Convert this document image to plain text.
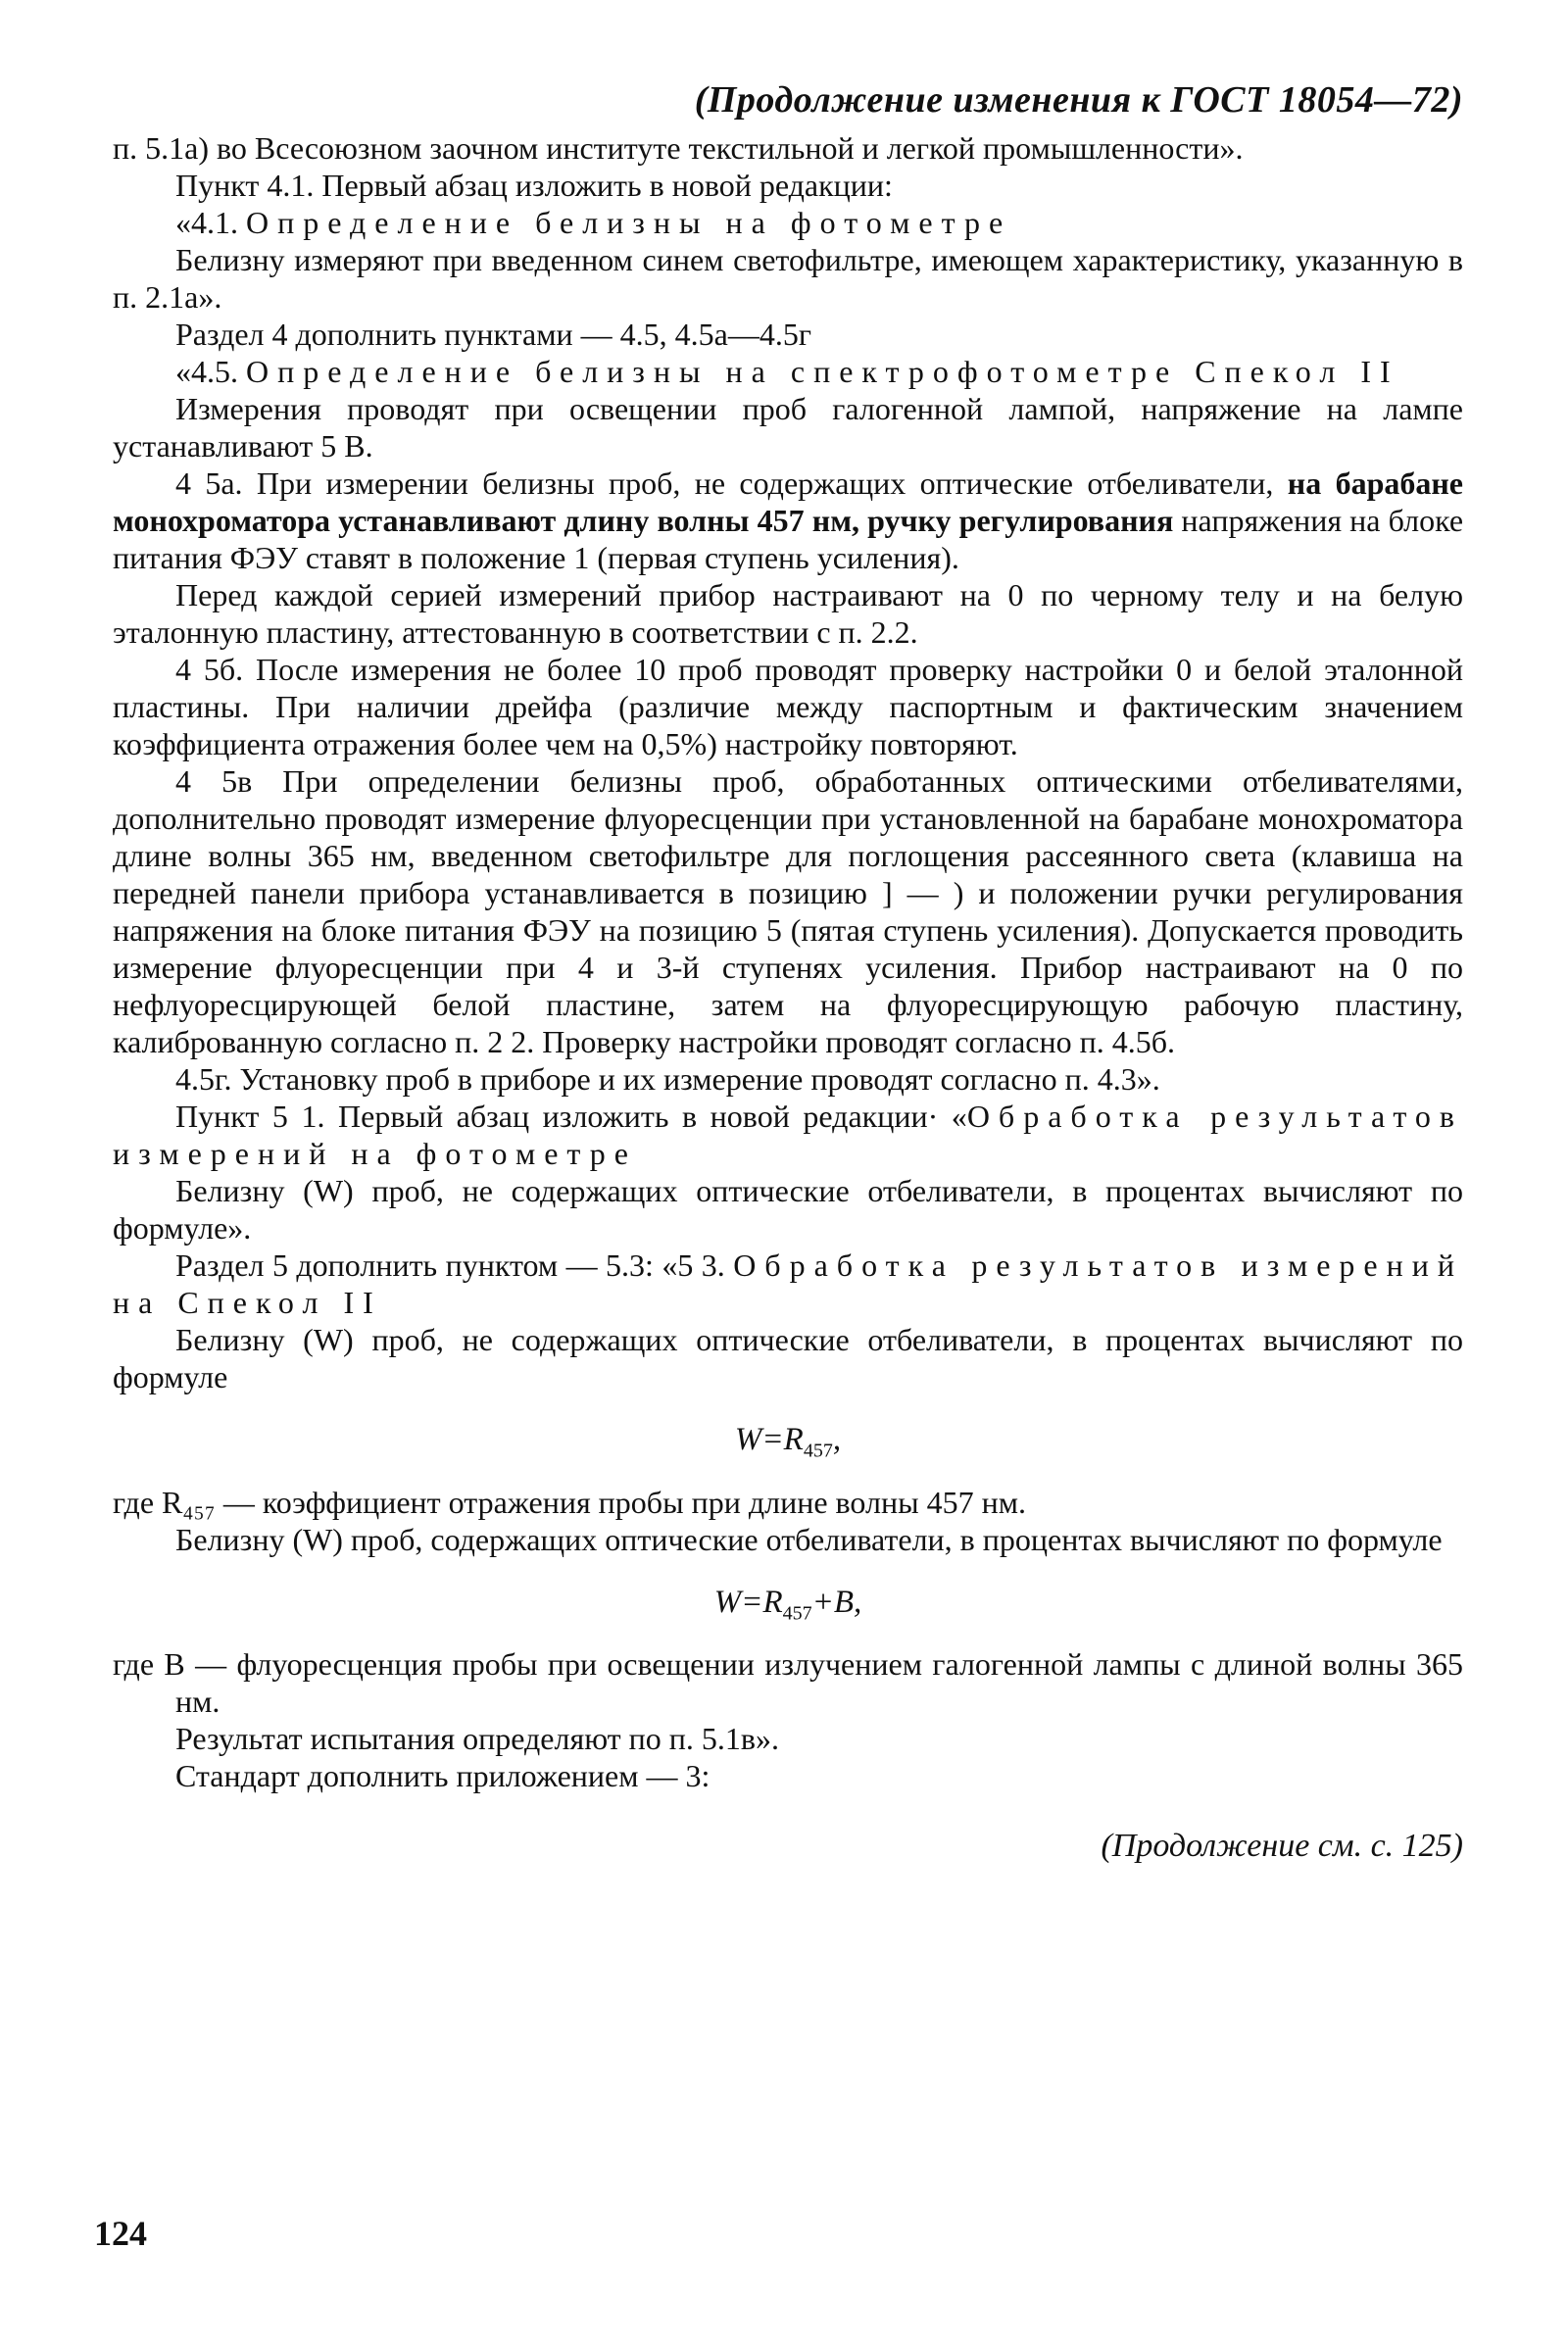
(Продолжение изменения к ГОСТ 18054—72)

п. 5.1а) во Всесоюзном заочном институте текстильной и легкой промышленности».

Пункт 4.1. Первый абзац изложить в новой редакции:

«4.1. Определение белизны на фотометре

Белизну измеряют при введенном синем светофильтре, имеющем характеристику, указанную в п. 2.1а».

Раздел 4 дополнить пунктами — 4.5, 4.5а—4.5г

«4.5. Определение белизны на спектрофотометре Спекол II

Измерения проводят при освещении проб галогенной лампой, напряжение на лампе устанавливают 5 В.

4 5а. При измерении белизны проб, не содержащих оптические отбеливатели, на барабане монохроматора устанавливают длину волны 457 нм, ручку регулирования напряжения на блоке питания ФЭУ ставят в положение 1 (первая ступень усиления).

Перед каждой серией измерений прибор настраивают на 0 по черному телу и на белую эталонную пластину, аттестованную в соответствии с п. 2.2.

4 5б. После измерения не более 10 проб проводят проверку настройки 0 и белой эталонной пластины. При наличии дрейфа (различие между паспортным и фактическим значением коэффициента отражения более чем на 0,5%) настройку повторяют.

4 5в При определении белизны проб, обработанных оптическими отбеливателями, дополнительно проводят измерение флуоресценции при установленной на барабане монохроматора длине волны 365 нм, введенном светофильтре для поглощения рассеянного света (клавиша на передней панели прибора устанавливается в позицию ] — ) и положении ручки регулирования напряжения на блоке питания ФЭУ на позицию 5 (пятая ступень усиления). Допускается проводить измерение флуоресценции при 4 и 3-й ступенях усиления. Прибор настраивают на 0 по нефлуоресцирующей белой пластине, затем на флуоресцирующую рабочую пластину, калиброванную согласно п. 2 2. Проверку настройки проводят согласно п. 4.5б.

4.5г. Установку проб в приборе и их измерение проводят согласно п. 4.3».

Пункт 5 1. Первый абзац изложить в новой редакции· «Обработка результатов измерений на фотометре

Белизну (W) проб, не содержащих оптические отбеливатели, в процентах вычисляют по формуле».

Раздел 5 дополнить пунктом — 5.3: «5 3. Обработка результатов измерений на Спекол II

Белизну (W) проб, не содержащих оптические отбеливатели, в процентах вычисляют по формуле

$W=R_{457}$,

где R₄₅₇ — коэффициент отражения пробы при длине волны 457 нм.

Белизну (W) проб, содержащих оптические отбеливатели, в процентах вычисляют по формуле

$W=R_{457}+B$,

где B — флуоресценция пробы при освещении излучением галогенной лампы с длиной волны 365 нм.

Результат испытания определяют по п. 5.1в».

Стандарт дополнить приложением — 3:

(Продолжение см. с. 125)
124
